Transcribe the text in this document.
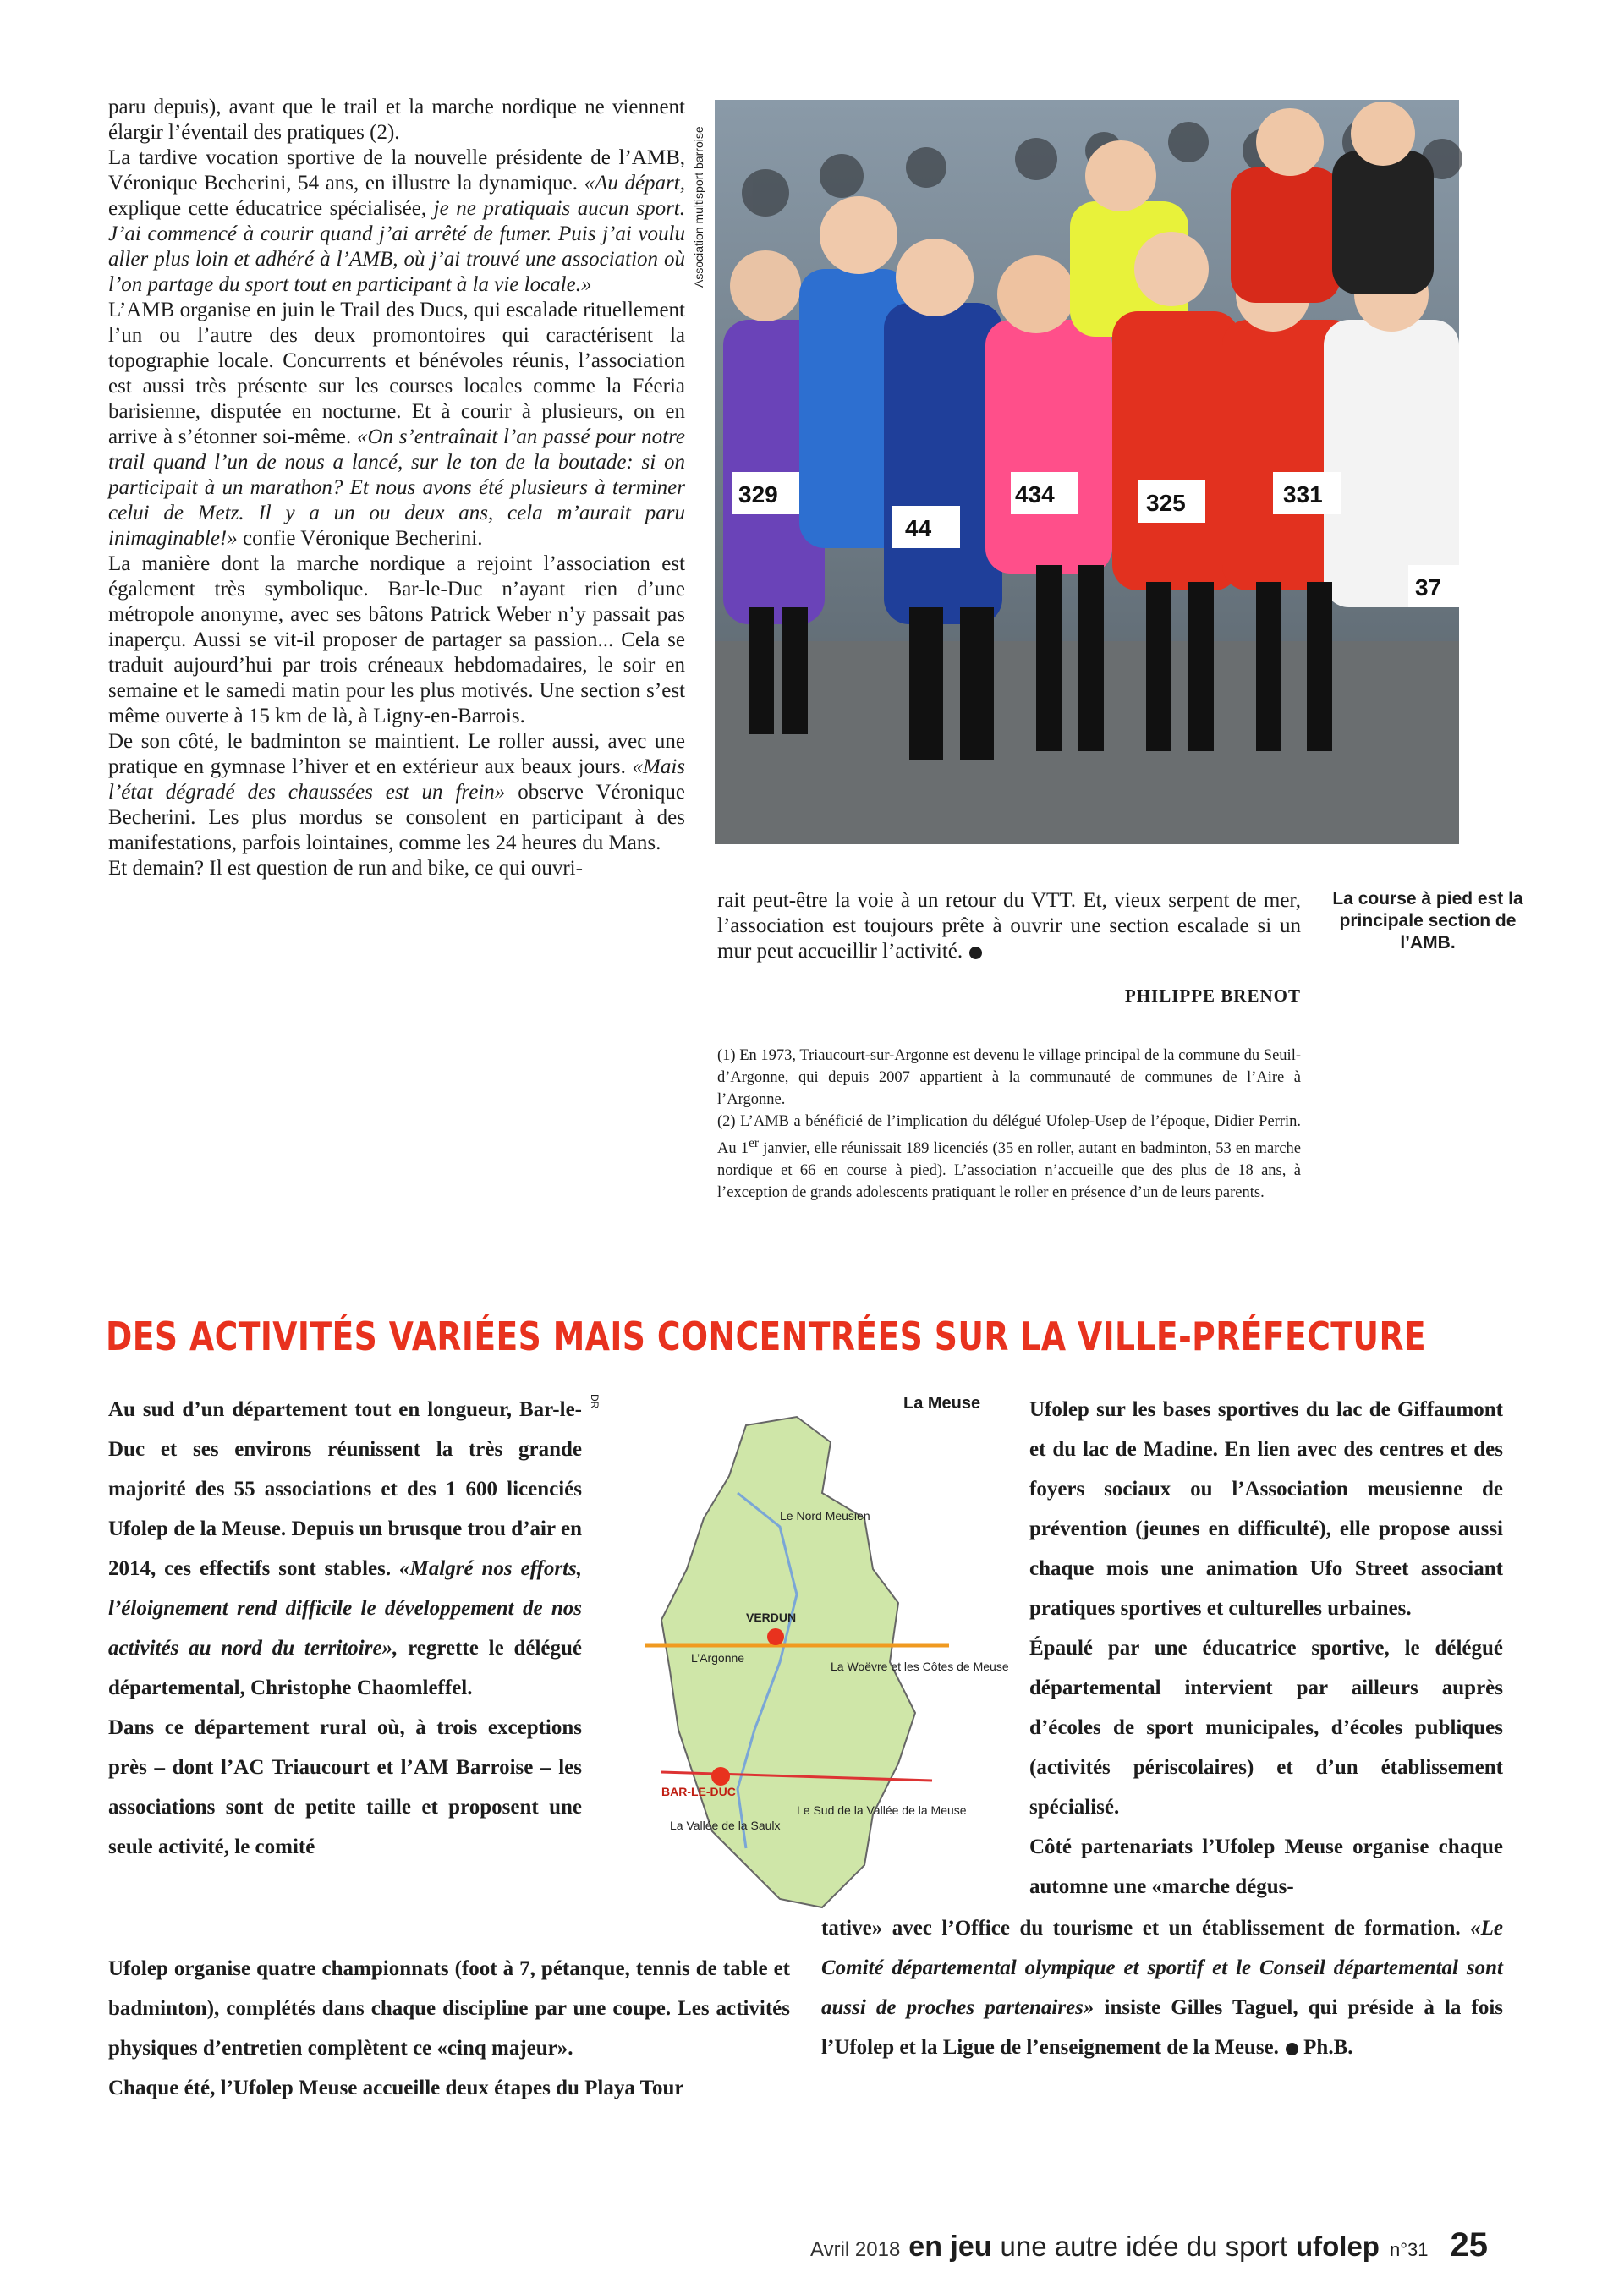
paru depuis), avant que le trail et la marche nordique ne viennent élargir l’éventail des pratiques (2).

La tardive vocation sportive de la nouvelle présidente de l’AMB, Véronique Becherini, 54 ans, en illustre la dynamique. «Au départ, explique cette éducatrice spécialisée, je ne pratiquais aucun sport. J’ai commencé à courir quand j’ai arrêté de fumer. Puis j’ai voulu aller plus loin et adhéré à l’AMB, où j’ai trouvé une association où l’on partage du sport tout en participant à la vie locale.»

L’AMB organise en juin le Trail des Ducs, qui escalade rituellement l’un ou l’autre des deux promontoires qui caractérisent la topographie locale. Concurrents et bénévoles réunis, l’association est aussi très présente sur les courses locales comme la Féeria barisienne, disputée en nocturne. Et à courir à plusieurs, on en arrive à s’étonner soi-même. «On s’entraînait l’an passé pour notre trail quand l’un de nous a lancé, sur le ton de la boutade: si on participait à un marathon? Et nous avons été plusieurs à terminer celui de Metz. Il y a un ou deux ans, cela m’aurait paru inimaginable!» confie Véronique Becherini.

La manière dont la marche nordique a rejoint l’association est également très symbolique. Bar-le-Duc n’ayant rien d’une métropole anonyme, avec ses bâtons Patrick Weber n’y passait pas inaperçu. Aussi se vit-il proposer de partager sa passion... Cela se traduit aujourd’hui par trois créneaux hebdomadaires, le soir en semaine et le samedi matin pour les plus motivés. Une section s’est même ouverte à 15 km de là, à Ligny-en-Barrois.

De son côté, le badminton se maintient. Le roller aussi, avec une pratique en gymnase l’hiver et en extérieur aux beaux jours. «Mais l’état dégradé des chaussées est un frein» observe Véronique Becherini. Les plus mordus se consolent en participant à des manifestations, parfois lointaines, comme les 24 heures du Mans.

Et demain? Il est question de run and bike, ce qui ouvri-

Association multisport barroise
329
44
434	325	331
37
La course à pied est la principale section de l’AMB.

rait peut-être la voie à un retour du VTT. Et, vieux serpent de mer, l’association est toujours prête à ouvrir une section escalade si un mur peut accueillir l’activité.

PHILIPPE BRENOT

(1) En 1973, Triaucourt-sur-Argonne est devenu le village principal de la commune du Seuil-d’Argonne, qui depuis 2007 appartient à la communauté de communes de l’Aire à l’Argonne.

(2) L’AMB a bénéficié de l’implication du délégué Ufolep-Usep de l’époque, Didier Perrin. Au 1er janvier, elle réunissait 189 licenciés (35 en roller, autant en badminton, 53 en marche nordique et 66 en course à pied). L’association n’accueille que des plus de 18 ans, à l’exception de grands adolescents pratiquant le roller en présence d’un de leurs parents.

DES ACTIVITÉS VARIÉES MAIS CONCENTRÉES SUR LA VILLE-PRÉFECTURE

Au sud d’un département tout en longueur, Bar-le-Duc et ses environs réunissent la très grande majorité des 55 associations et des 1 600 licenciés Ufolep de la Meuse. Depuis un brusque trou d’air en 2014, ces effectifs sont stables. «Malgré nos efforts, l’éloignement rend difficile le développement de nos activités au nord du territoire», regrette le délégué départemental, Christophe Chaomleffel.

Dans ce département rural où, à trois exceptions près – dont l’AC Triaucourt et l’AM Barroise – les associations sont de petite taille et proposent une seule activité, le comité

Ufolep organise quatre championnats (foot à 7, pétanque, tennis de table et badminton), complétés dans chaque discipline par une coupe. Les activités physiques d’entretien complètent ce «cinq majeur».

Chaque été, l’Ufolep Meuse accueille deux étapes du Playa Tour

DR	La Meuse
Le Nord Meusien
VERDUN
L’Argonne
La Woëvre et les Côtes de Meuse
BAR-LE-DUC
La Vallée de la Saulx
Le Sud de la Vallée de la Meuse

Ufolep sur les bases sportives du lac de Giffaumont et du lac de Madine. En lien avec des centres et des foyers sociaux ou l’Association meusienne de prévention (jeunes en difficulté), elle propose aussi chaque mois une animation Ufo Street associant pratiques sportives et culturelles urbaines.

Épaulé par une éducatrice sportive, le délégué départemental intervient par ailleurs auprès d’écoles de sport municipales, d’écoles publiques (activités périscolaires) et d’un établissement spécialisé.

Côté partenariats l’Ufolep Meuse organise chaque automne une «marche dégus-

tative» avec l’Office du tourisme et un établissement de formation. «Le Comité départemental olympique et sportif et le Conseil départemental sont aussi de proches partenaires» insiste Gilles Taguel, qui préside à la fois l’Ufolep et la Ligue de l’enseignement de la Meuse. Ph.B.

Avril 2018 en jeu une autre idée du sport ufolep n°31 25
